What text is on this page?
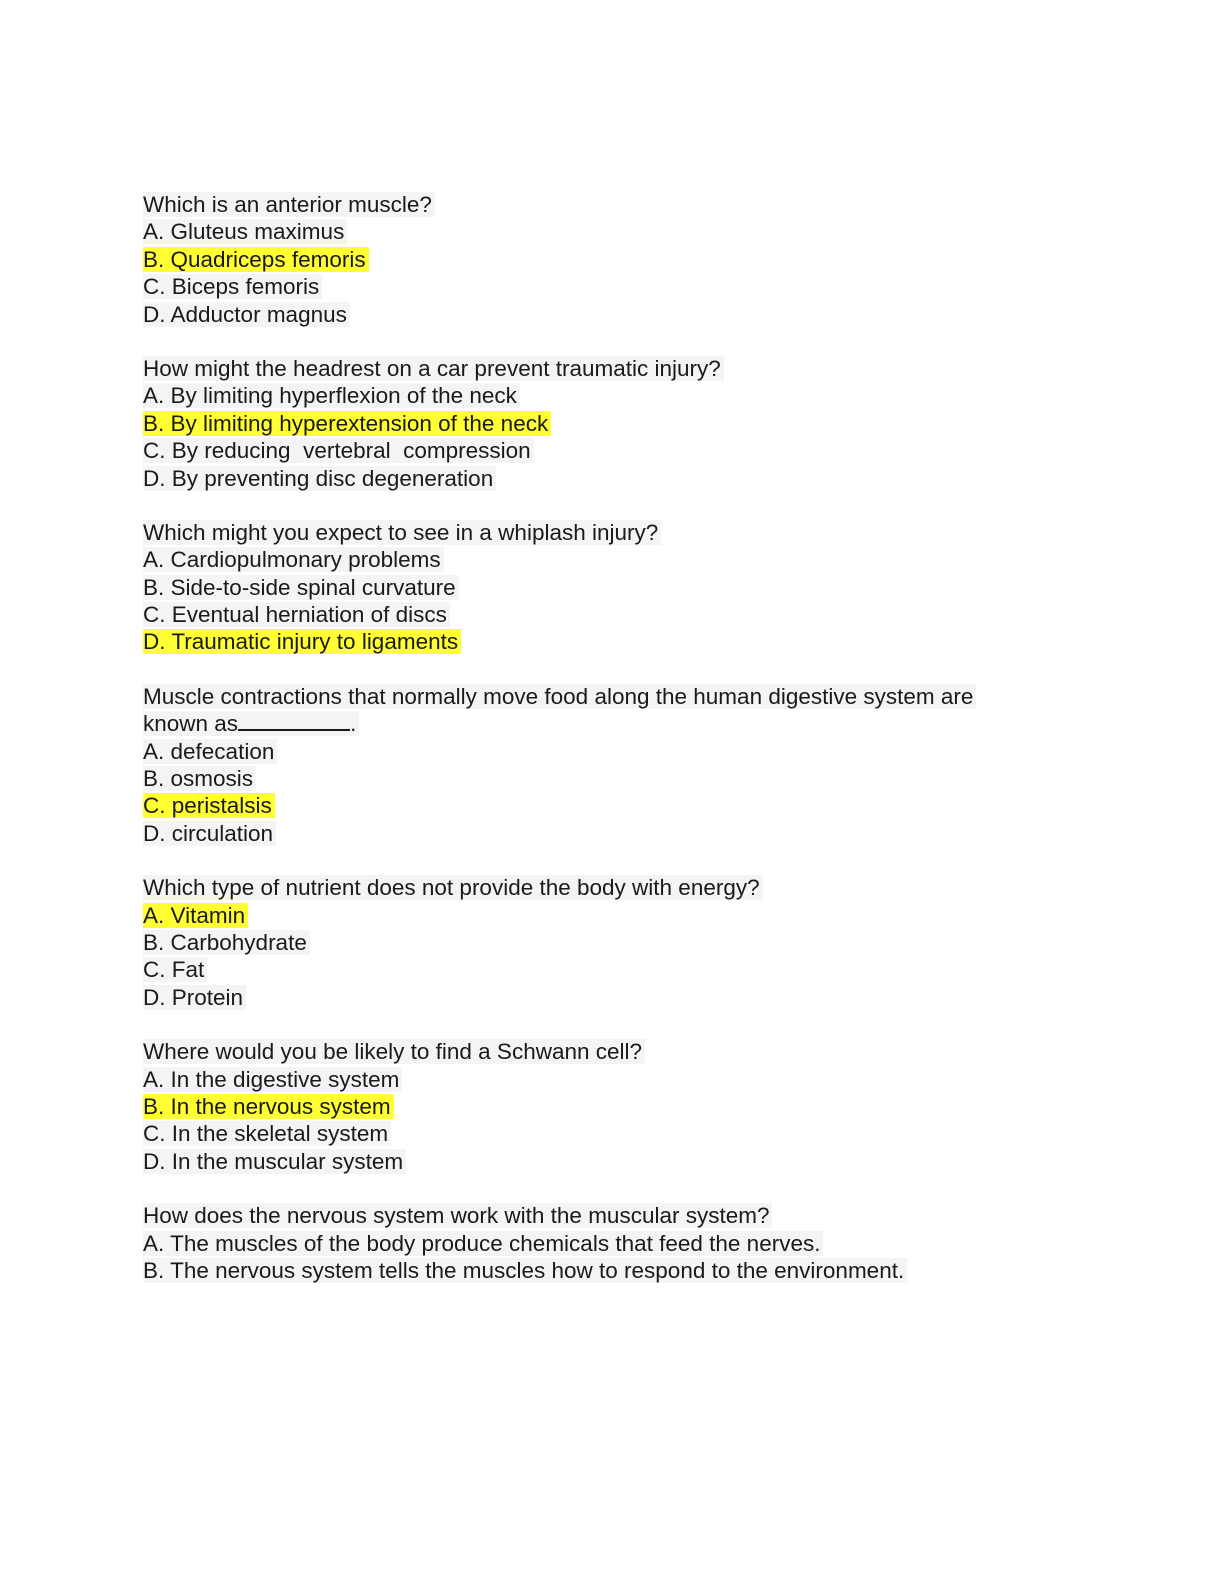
Which is an anterior muscle?
A. Gluteus maximus
B. Quadriceps femoris
C. Biceps femoris
D. Adductor magnus
How might the headrest on a car prevent traumatic injury?
A. By limiting hyperflexion of the neck
B. By limiting hyperextension of the neck
C. By reducing  vertebral  compression
D. By preventing disc degeneration
Which might you expect to see in a whiplash injury?
A. Cardiopulmonary problems
B. Side-to-side spinal curvature
C. Eventual herniation of discs
D. Traumatic injury to ligaments
Muscle contractions that normally move food along the human digestive system are
known as	.
A. defecation
B. osmosis
C. peristalsis
D. circulation
Which type of nutrient does not provide the body with energy?
A. Vitamin
B. Carbohydrate
C. Fat
D. Protein
Where would you be likely to find a Schwann cell?
A. In the digestive system
B. In the nervous system
C. In the skeletal system
D. In the muscular system
How does the nervous system work with the muscular system?
A. The muscles of the body produce chemicals that feed the nerves.
B. The nervous system tells the muscles how to respond to the environment.
